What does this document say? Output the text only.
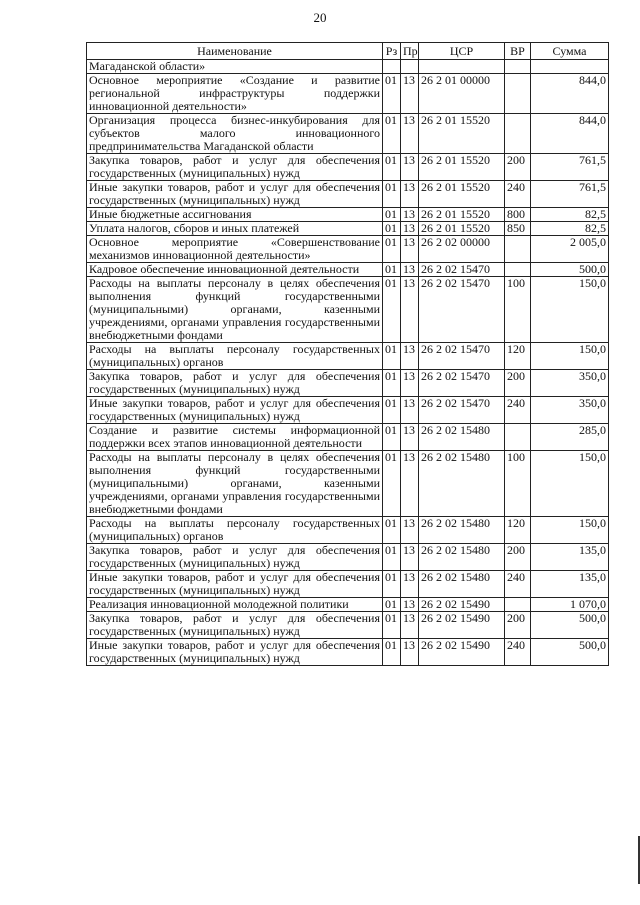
20
Наименование	Рз	Пр	ЦСР	ВР	Сумма
Магаданской области»					
Основное мероприятие «Создание и развитие региональной инфраструктуры поддержки инновационной деятельности»	01	13	26 2 01 00000		844,0
Организация процесса бизнес-инкубирования для субъектов малого инновационного предпринимательства Магаданской области	01	13	26 2 01 15520		844,0
Закупка товаров, работ и услуг для обеспечения государственных (муниципальных) нужд	01	13	26 2 01 15520	200	761,5
Иные закупки товаров, работ и услуг для обеспечения государственных (муниципальных) нужд	01	13	26 2 01 15520	240	761,5
Иные бюджетные ассигнования	01	13	26 2 01 15520	800	82,5
Уплата налогов, сборов и иных платежей	01	13	26 2 01 15520	850	82,5
Основное мероприятие «Совершенствование механизмов инновационной деятельности»	01	13	26 2 02 00000		2 005,0
Кадровое обеспечение инновационной деятельности	01	13	26 2 02 15470		500,0
Расходы на выплаты персоналу в целях обеспечения выполнения функций государственными (муниципальными) органами, казенными учреждениями, органами управления государственными внебюджетными фондами	01	13	26 2 02 15470	100	150,0
Расходы на выплаты персоналу государственных (муниципальных) органов	01	13	26 2 02 15470	120	150,0
Закупка товаров, работ и услуг для обеспечения государственных (муниципальных) нужд	01	13	26 2 02 15470	200	350,0
Иные закупки товаров, работ и услуг для обеспечения государственных (муниципальных) нужд	01	13	26 2 02 15470	240	350,0
Создание и развитие системы информационной поддержки всех этапов инновационной деятельности	01	13	26 2 02 15480		285,0
Расходы на выплаты персоналу в целях обеспечения выполнения функций государственными (муниципальными) органами, казенными учреждениями, органами управления государственными внебюджетными фондами	01	13	26 2 02 15480	100	150,0
Расходы на выплаты персоналу государственных (муниципальных) органов	01	13	26 2 02 15480	120	150,0
Закупка товаров, работ и услуг для обеспечения государственных (муниципальных) нужд	01	13	26 2 02 15480	200	135,0
Иные закупки товаров, работ и услуг для обеспечения государственных (муниципальных) нужд	01	13	26 2 02 15480	240	135,0
Реализация инновационной молодежной политики	01	13	26 2 02 15490		1 070,0
Закупка товаров, работ и услуг для обеспечения государственных (муниципальных) нужд	01	13	26 2 02 15490	200	500,0
Иные закупки товаров, работ и услуг для обеспечения государственных (муниципальных) нужд	01	13	26 2 02 15490	240	500,0
